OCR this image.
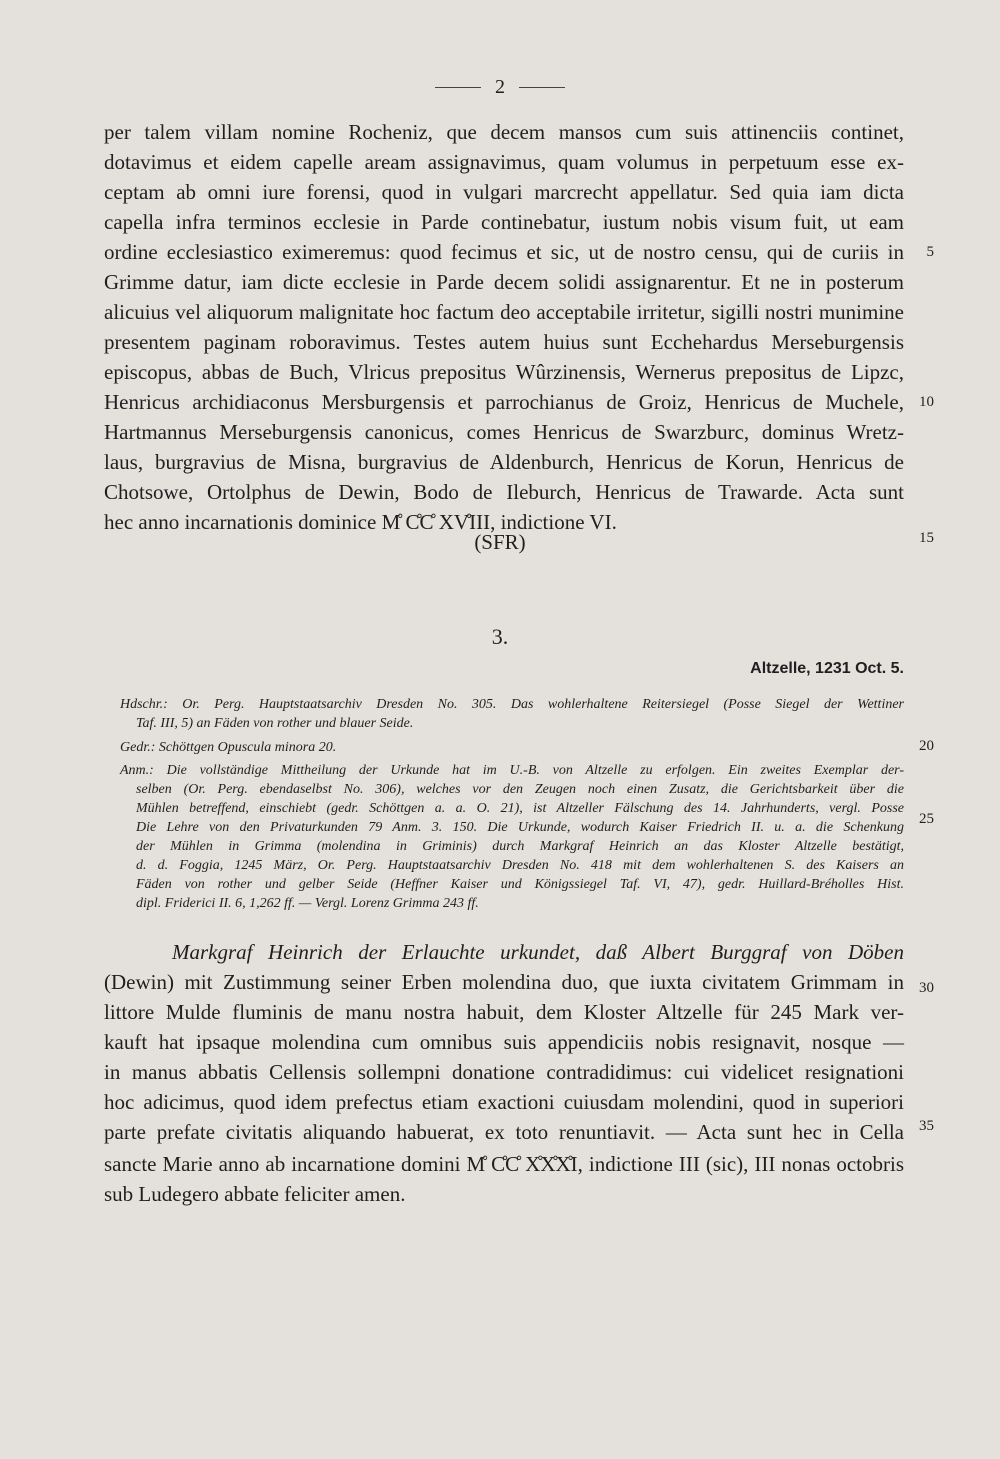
2
per talem villam nomine Rocheniz, que decem mansos cum suis attinenciis continet,
dotavimus et eidem capelle aream assignavimus, quam volumus in perpetuum esse ex-
ceptam ab omni iure forensi, quod in vulgari marcrecht appellatur. Sed quia iam dicta
capella infra terminos ecclesie in Parde continebatur, iustum nobis visum fuit, ut eam
ordine ecclesiastico eximeremus: quod fecimus et sic, ut de nostro censu, qui de curiis in
Grimme datur, iam dicte ecclesie in Parde decem solidi assignarentur. Et ne in posterum
alicuius vel aliquorum malignitate hoc factum deo acceptabile irritetur, sigilli nostri munimine
presentem paginam roboravimus. Testes autem huius sunt Ecchehardus Merseburgensis
episcopus, abbas de Buch, Vlricus prepositus Wûrzinensis, Wernerus prepositus de Lipzc,
Henricus archidiaconus Mersburgensis et parrochianus de Groiz, Henricus de Muchele,
Hartmannus Merseburgensis canonicus, comes Henricus de Swarzburc, dominus Wretz-
laus, burgravius de Misna, burgravius de Aldenburch, Henricus de Korun, Henricus de
Chotsowe, Ortolphus de Dewin, Bodo de Ileburch, Henricus de Trawarde. Acta sunt
hec anno incarnationis dominice M̊ C̊C̊ XV̊III, indictione VI.
(SFR)
5
10
15
20
25
30
35
3.
Altzelle, 1231 Oct. 5.
Hdschr.: Or. Perg. Hauptstaatsarchiv Dresden No. 305. Das wohlerhaltene Reitersiegel (Posse Siegel der Wettiner
Taf. III, 5) an Fäden von rother und blauer Seide.
Gedr.: Schöttgen Opuscula minora 20.
Anm.: Die vollständige Mittheilung der Urkunde hat im U.-B. von Altzelle zu erfolgen. Ein zweites Exemplar der-
selben (Or. Perg. ebendaselbst No. 306), welches vor den Zeugen noch einen Zusatz, die Gerichtsbarkeit über die
Mühlen betreffend, einschiebt (gedr. Schöttgen a. a. O. 21), ist Altzeller Fälschung des 14. Jahrhunderts, vergl. Posse
Die Lehre von den Privaturkunden 79 Anm. 3. 150. Die Urkunde, wodurch Kaiser Friedrich II. u. a. die Schenkung
der Mühlen in Grimma (molendina in Griminis) durch Markgraf Heinrich an das Kloster Altzelle bestätigt,
d. d. Foggia, 1245 März, Or. Perg. Hauptstaatsarchiv Dresden No. 418 mit dem wohlerhaltenen S. des Kaisers an
Fäden von rother und gelber Seide (Heffner Kaiser und Königssiegel Taf. VI, 47), gedr. Huillard-Bréholles Hist.
dipl. Friderici II. 6, 1,262 ff. — Vergl. Lorenz Grimma 243 ff.
Markgraf Heinrich der Erlauchte urkundet, daß Albert Burggraf von Döben
(Dewin) mit Zustimmung seiner Erben molendina duo, que iuxta civitatem Grimmam in
littore Mulde fluminis de manu nostra habuit, dem Kloster Altzelle für 245 Mark ver-
kauft hat ipsaque molendina cum omnibus suis appendiciis nobis resignavit, nosque —
in manus abbatis Cellensis sollempni donatione contradidimus: cui videlicet resignationi
hoc adicimus, quod idem prefectus etiam exactioni cuiusdam molendini, quod in superiori
parte prefate civitatis aliquando habuerat, ex toto renuntiavit. — Acta sunt hec in Cella
sancte Marie anno ab incarnatione domini M̊ C̊C̊ X̊X̊X̊I, indictione III (sic), III nonas octobris
sub Ludegero abbate feliciter amen.
